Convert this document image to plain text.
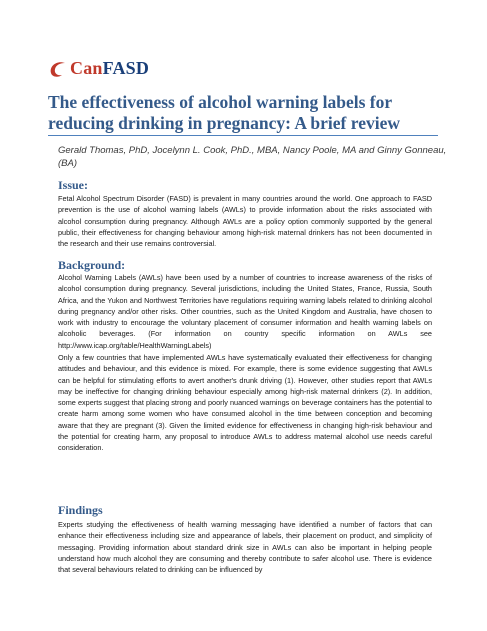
CanFASD
The effectiveness of alcohol warning labels for reducing drinking in pregnancy: A brief review
Gerald Thomas, PhD, Jocelynn L. Cook, PhD., MBA, Nancy Poole, MA and Ginny Gonneau, (BA)
Issue:
Fetal Alcohol Spectrum Disorder (FASD) is prevalent in many countries around the world. One approach to FASD prevention is the use of alcohol warning labels (AWLs) to provide information about the risks associated with alcohol consumption during pregnancy. Although AWLs are a policy option commonly supported by the general public, their effectiveness for changing behaviour among high-risk maternal drinkers has not been documented in the research and their use remains controversial.
Background:
Alcohol Warning Labels (AWLs) have been used by a number of countries to increase awareness of the risks of alcohol consumption during pregnancy. Several jurisdictions, including the United States, France, Russia, South Africa, and the Yukon and Northwest Territories have regulations requiring warning labels related to drinking alcohol during pregnancy and/or other risks. Other countries, such as the United Kingdom and Australia, have chosen to work with industry to encourage the voluntary placement of consumer information and health warning labels on alcoholic beverages. (For information on country specific information on AWLs see http://www.icap.org/table/HealthWarningLabels)
Only a few countries that have implemented AWLs have systematically evaluated their effectiveness for changing attitudes and behaviour, and this evidence is mixed. For example, there is some evidence suggesting that AWLs can be helpful for stimulating efforts to avert another's drunk driving (1). However, other studies report that AWLs may be ineffective for changing drinking behaviour especially among high-risk maternal drinkers (2). In addition, some experts suggest that placing strong and poorly nuanced warnings on beverage containers has the potential to create harm among some women who have consumed alcohol in the time between conception and becoming aware that they are pregnant (3). Given the limited evidence for effectiveness in changing high-risk behaviour and the potential for creating harm, any proposal to introduce AWLs to address maternal alcohol use needs careful consideration.
Findings
Experts studying the effectiveness of health warning messaging have identified a number of factors that can enhance their effectiveness including size and appearance of labels, their placement on product, and simplicity of messaging. Providing information about standard drink size in AWLs can also be important in helping people understand how much alcohol they are consuming and thereby contribute to safer alcohol use. There is evidence that several behaviours related to drinking can be influenced by
